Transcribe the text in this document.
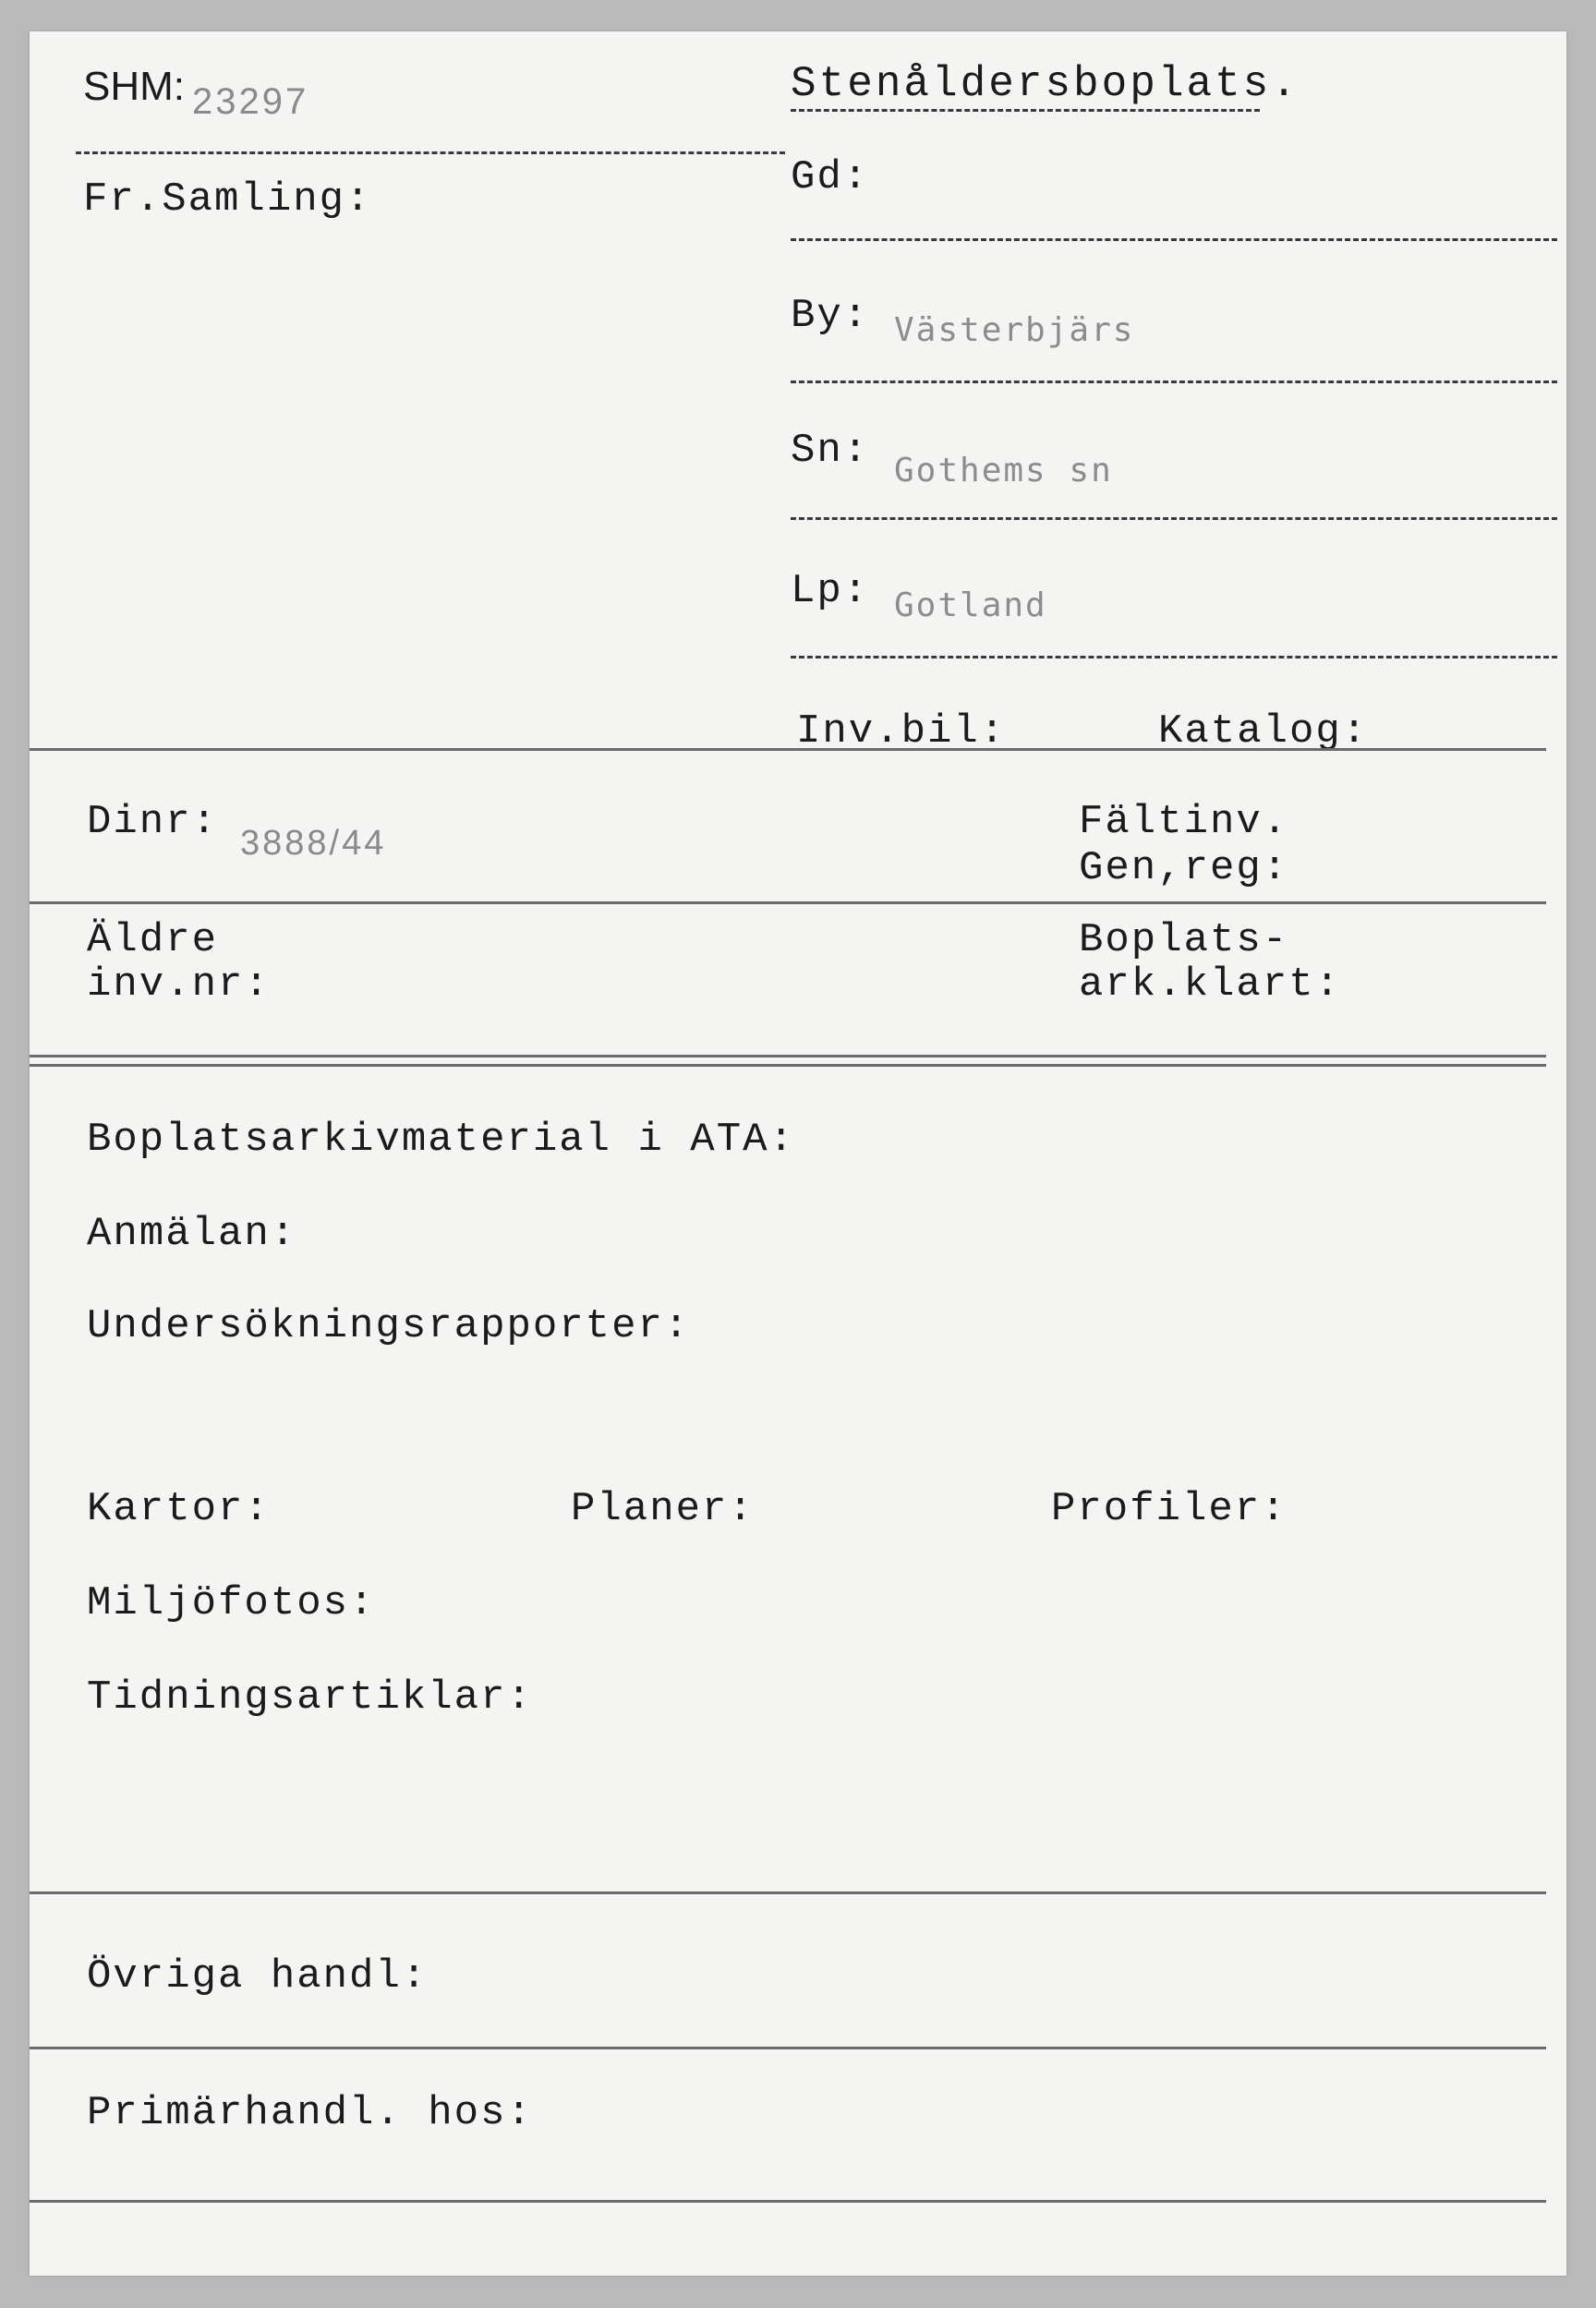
SHM: 23297	Stenåldersboplats.
Fr.Samling:	Gd:
By: Västerbjärs
Sn: Gothems sn
Lp: Gotland
Inv.bil:	Katalog:
Dinr: 3888/44	Fältinv.
Gen,reg:
Äldre
inv.nr:
Boplats-
ark.klart:
Boplatsarkivmaterial i ATA:
Anmälan:
Undersökningsrapporter:
Kartor:	Planer:	Profiler:
Miljöfotos:
Tidningsartiklar:
Övriga handl:
Primärhandl. hos:
